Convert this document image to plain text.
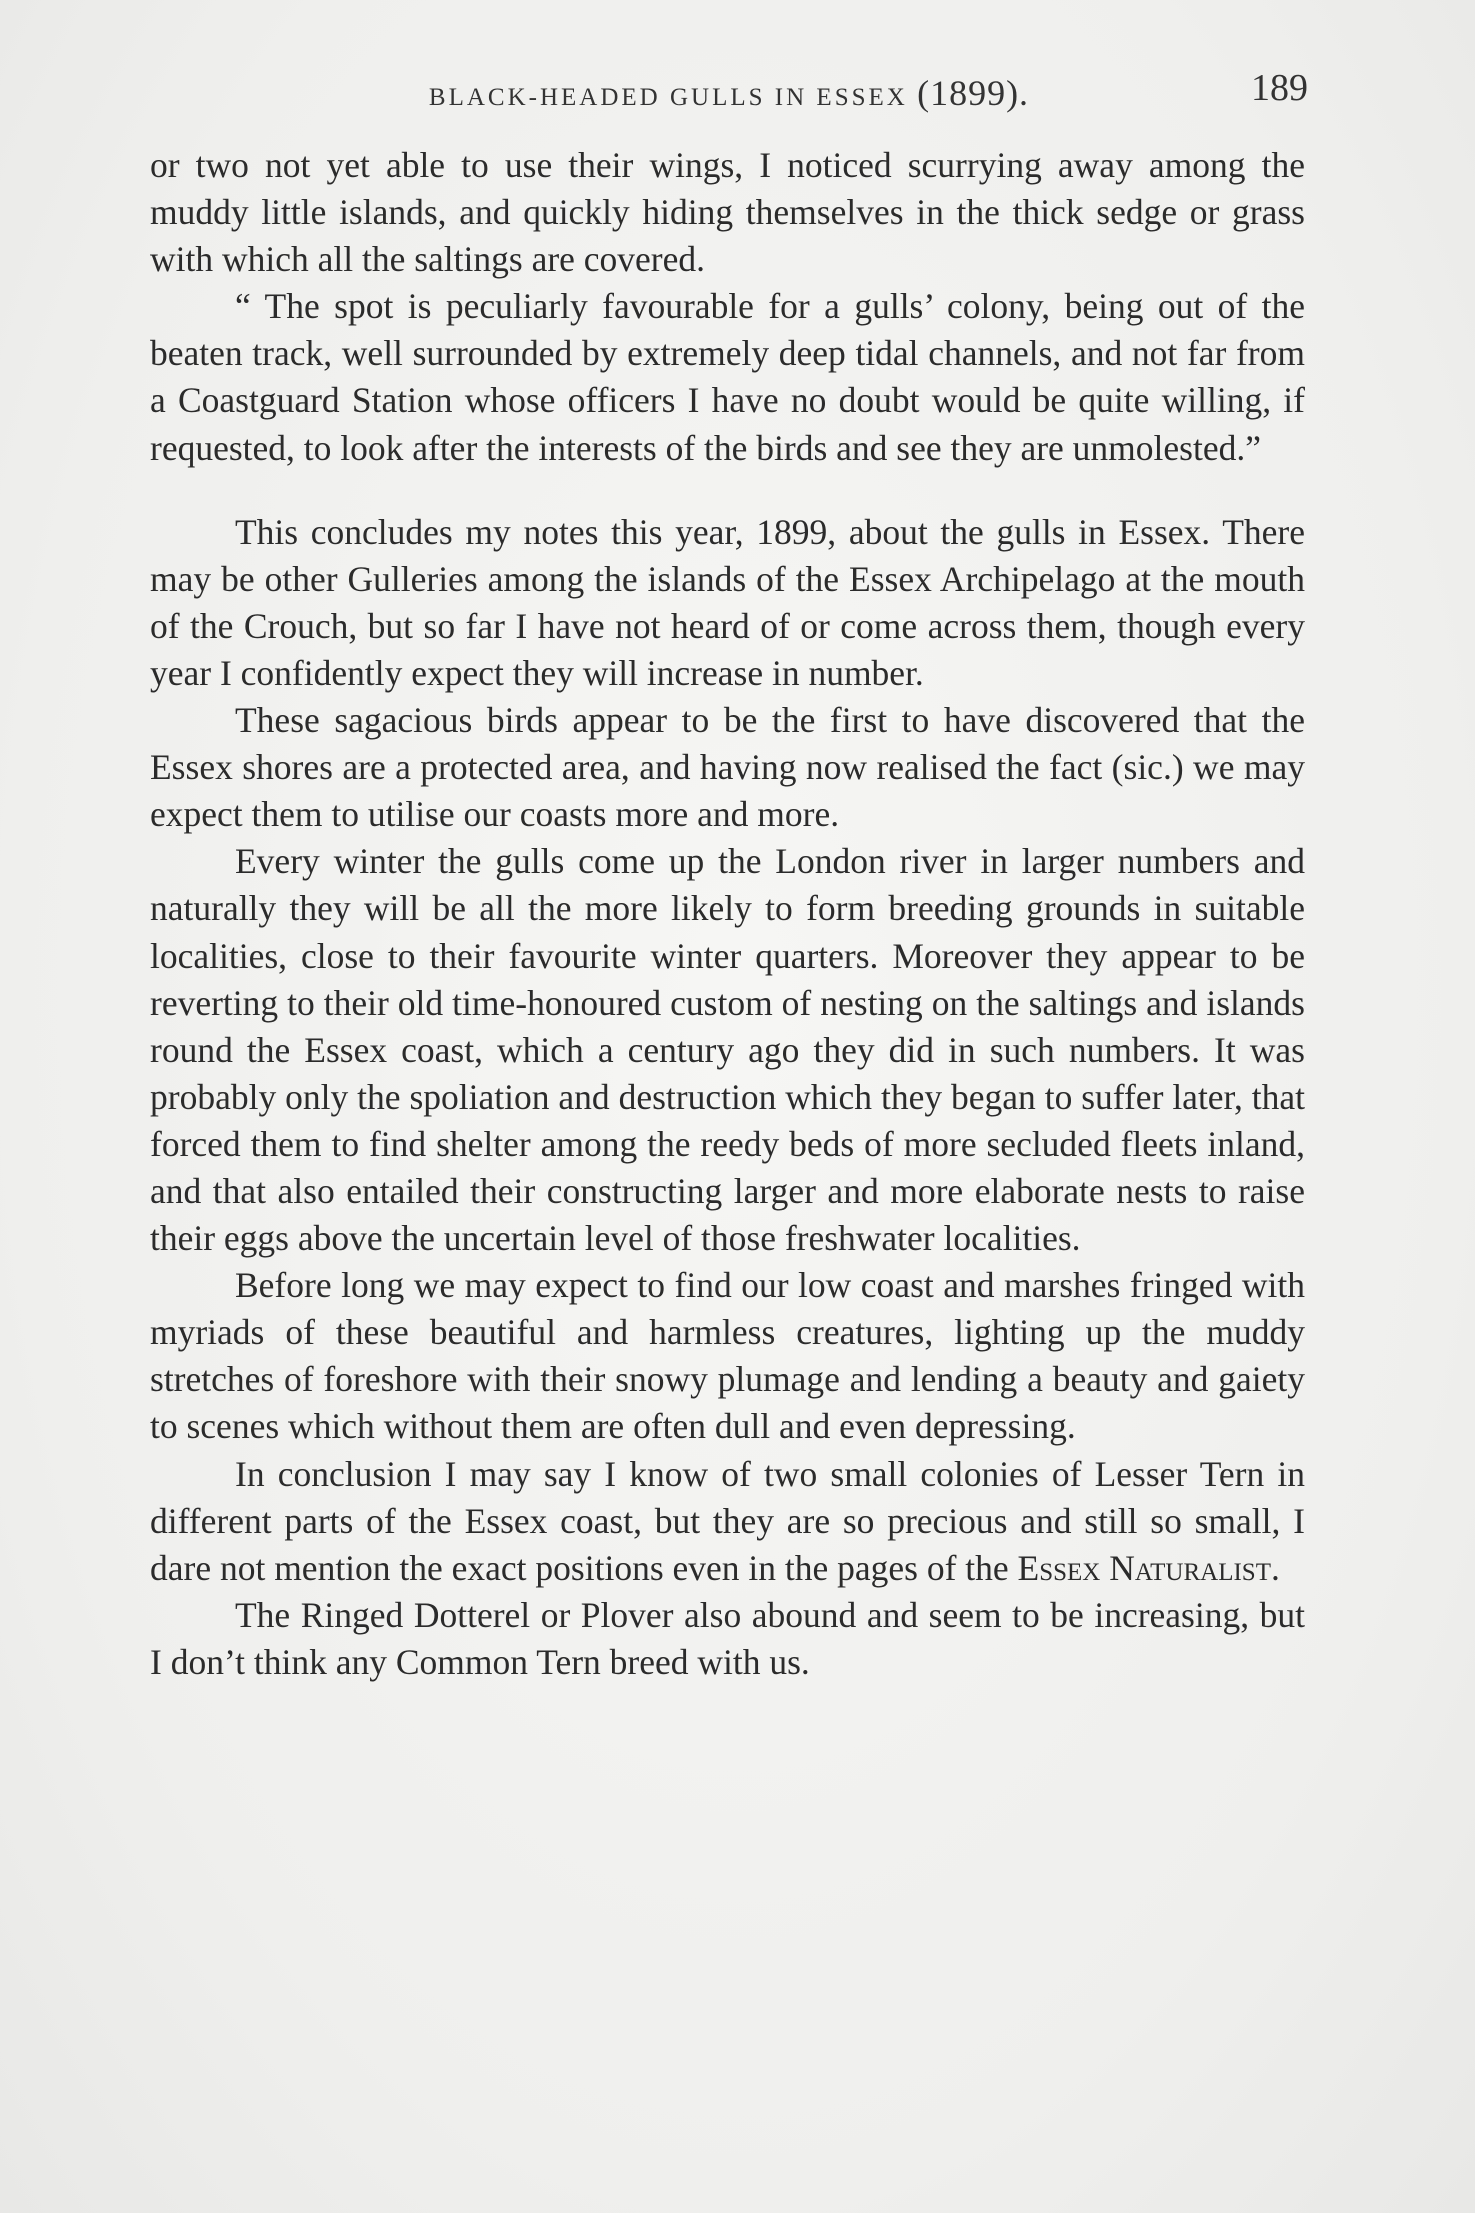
BLACK-HEADED GULLS IN ESSEX (1899).	189

or two not yet able to use their wings, I noticed scurrying away among the muddy little islands, and quickly hiding themselves in the thick sedge or grass with which all the saltings are covered.

“ The spot is peculiarly favourable for a gulls’ colony, being out of the beaten track, well surrounded by extremely deep tidal channels, and not far from a Coastguard Station whose officers I have no doubt would be quite willing, if requested, to look after the interests of the birds and see they are unmolested.”

This concludes my notes this year, 1899, about the gulls in Essex. There may be other Gulleries among the islands of the Essex Archipelago at the mouth of the Crouch, but so far I have not heard of or come across them, though every year I confidently expect they will increase in number.

These sagacious birds appear to be the first to have discovered that the Essex shores are a protected area, and having now realised the fact (sic.) we may expect them to utilise our coasts more and more.

Every winter the gulls come up the London river in larger numbers and naturally they will be all the more likely to form breeding grounds in suitable localities, close to their favourite winter quarters. Moreover they appear to be reverting to their old time-honoured custom of nesting on the saltings and islands round the Essex coast, which a century ago they did in such numbers. It was probably only the spoliation and destruction which they began to suffer later, that forced them to find shelter among the reedy beds of more secluded fleets inland, and that also entailed their constructing larger and more elaborate nests to raise their eggs above the uncertain level of those freshwater localities.

Before long we may expect to find our low coast and marshes fringed with myriads of these beautiful and harmless creatures, lighting up the muddy stretches of foreshore with their snowy plumage and lending a beauty and gaiety to scenes which without them are often dull and even depressing.

In conclusion I may say I know of two small colonies of Lesser Tern in different parts of the Essex coast, but they are so precious and still so small, I dare not mention the exact positions even in the pages of the Essex Naturalist.

The Ringed Dotterel or Plover also abound and seem to be increasing, but I don’t think any Common Tern breed with us.
